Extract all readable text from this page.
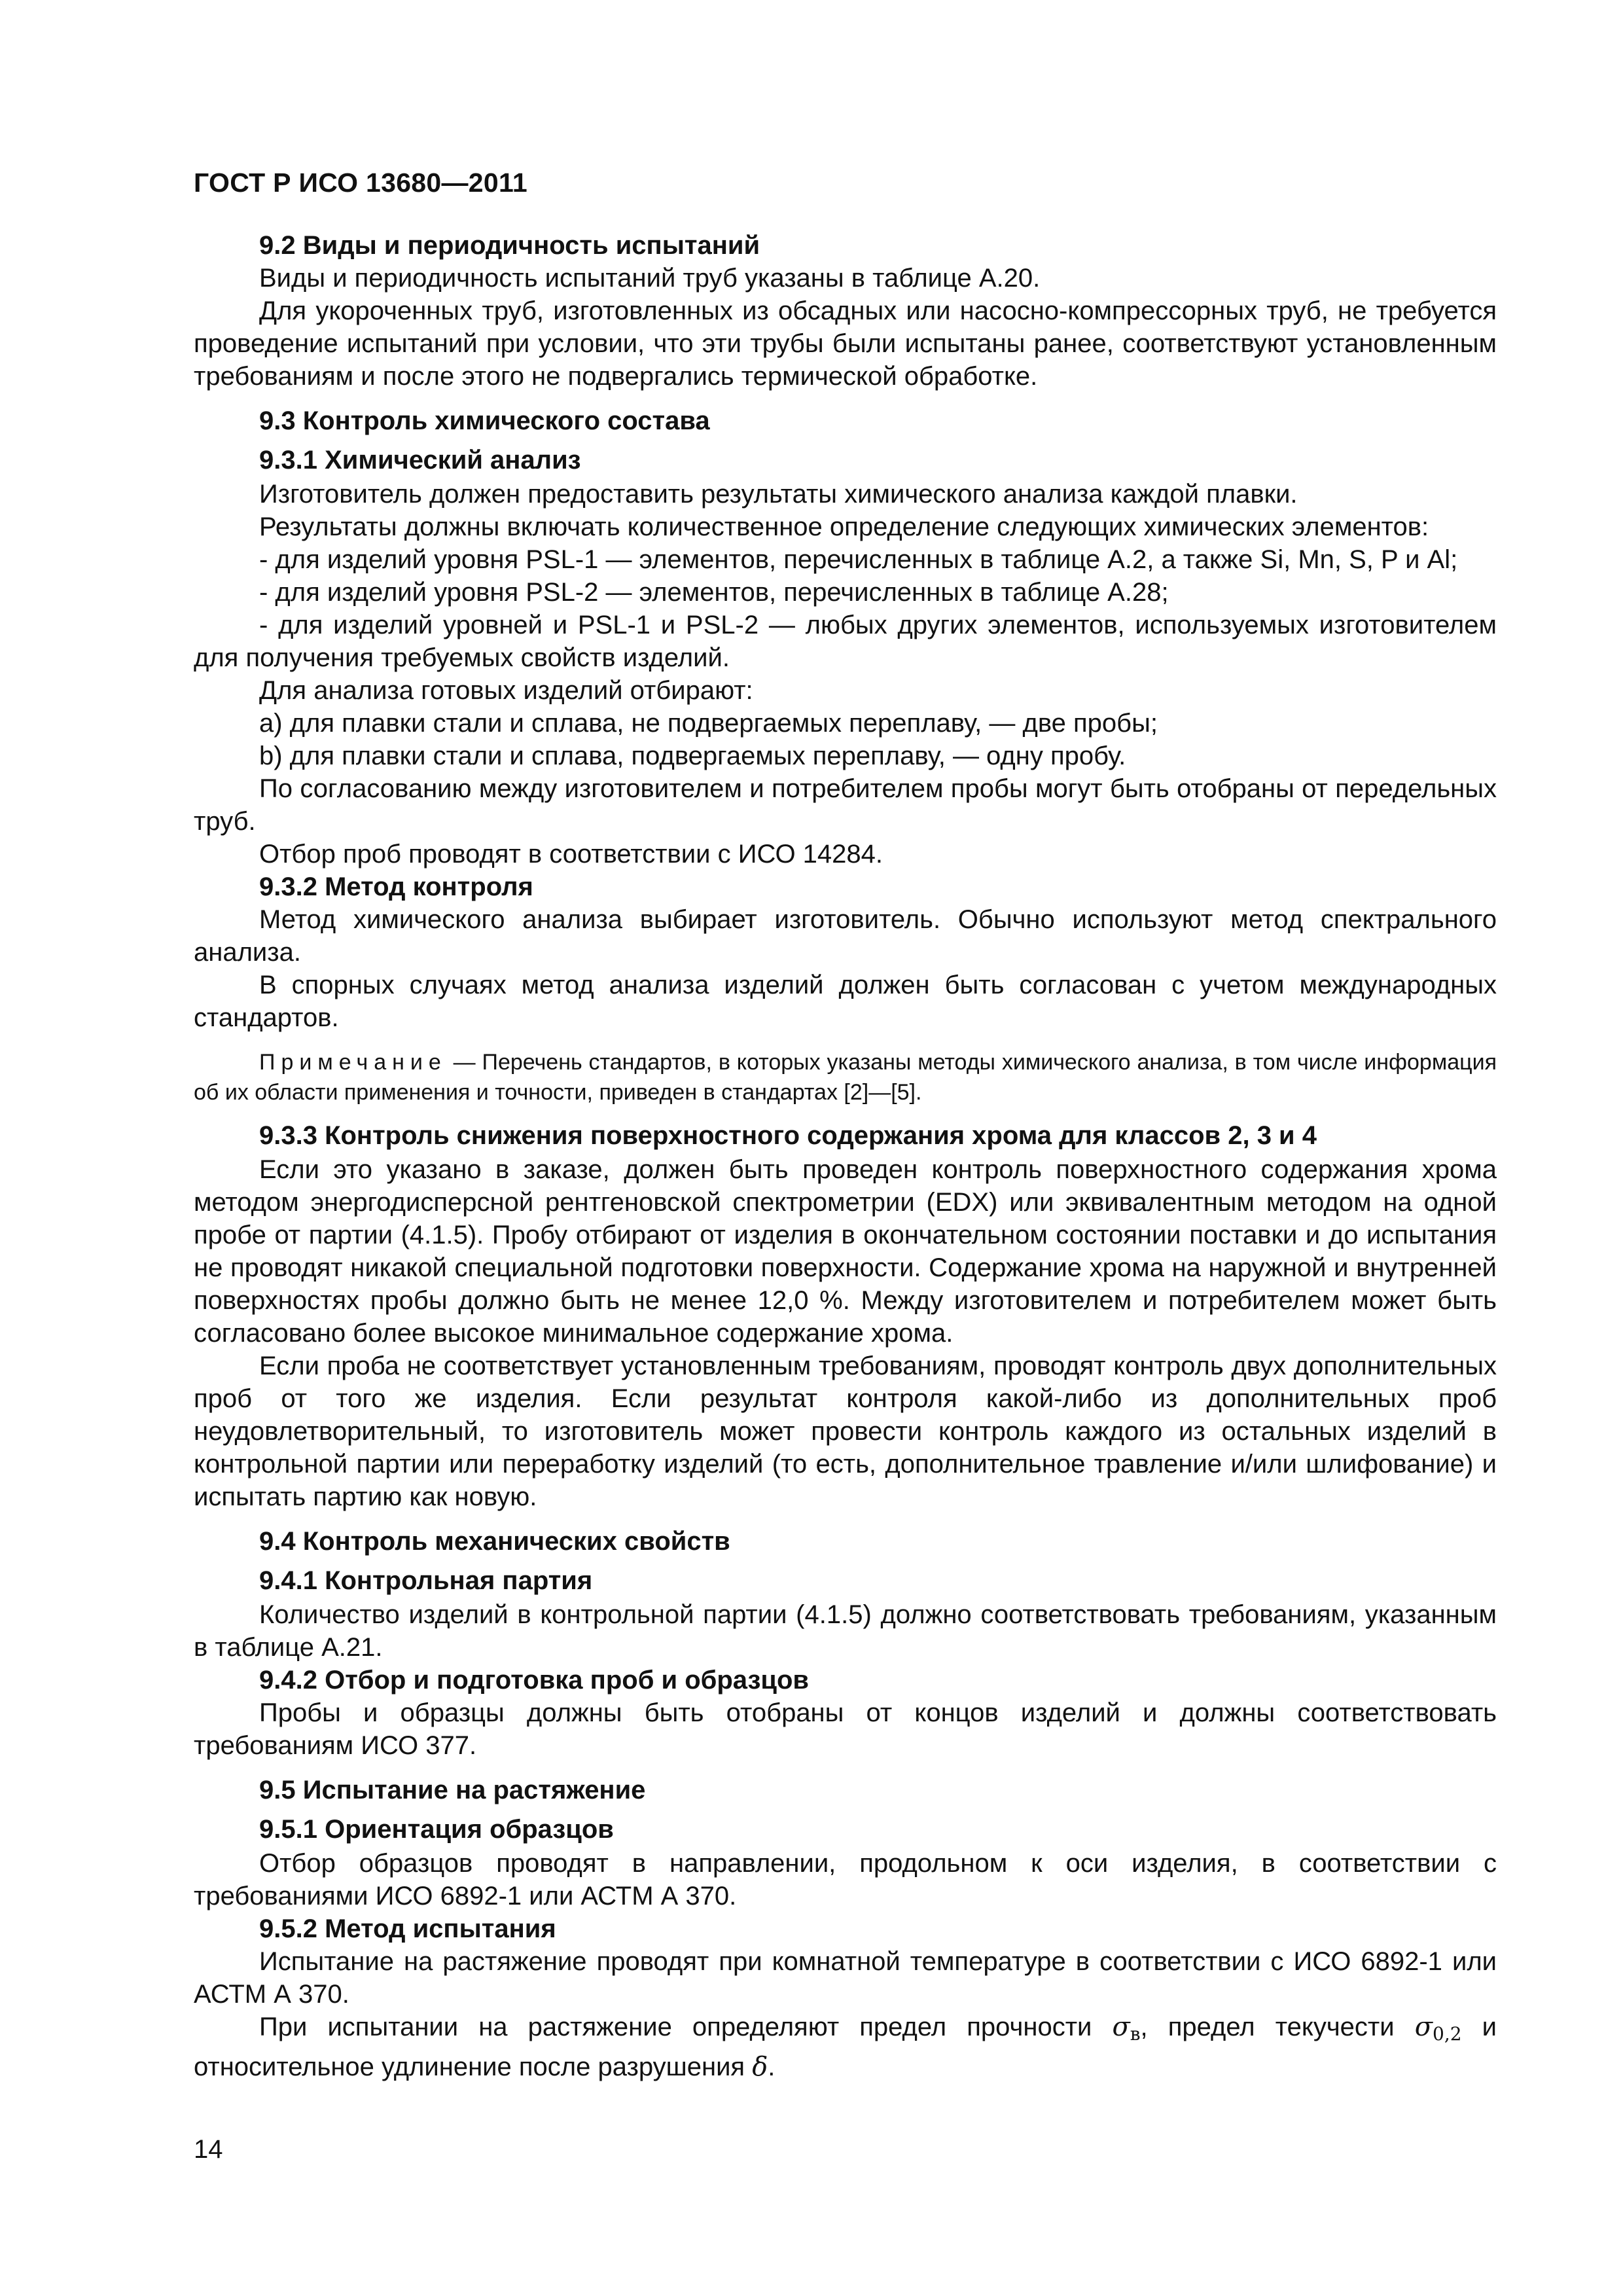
ГОСТ Р ИСО 13680—2011

9.2 Виды и периодичность испытаний

Виды и периодичность испытаний труб указаны в таблице А.20.

Для укороченных труб, изготовленных из обсадных или насосно-компрессорных труб, не требуется проведение испытаний при условии, что эти трубы были испытаны ранее, соответствуют установленным требованиям и после этого не подвергались термической обработке.

9.3 Контроль химического состава

9.3.1 Химический анализ

Изготовитель должен предоставить результаты химического анализа каждой плавки.

Результаты должны включать количественное определение следующих химических элементов:

- для изделий уровня PSL-1 — элементов, перечисленных в таблице А.2, а также Si, Mn, S, P и Al;

- для изделий уровня PSL-2 — элементов, перечисленных в таблице А.28;

- для изделий уровней и PSL-1 и PSL-2 — любых других элементов, используемых изготовителем для получения требуемых свойств изделий.

Для анализа готовых изделий отбирают:

a) для плавки стали и сплава, не подвергаемых переплаву, — две пробы;

b) для плавки стали и сплава, подвергаемых переплаву, — одну пробу.

По согласованию между изготовителем и потребителем пробы могут быть отобраны от передельных труб.

Отбор проб проводят в соответствии с ИСО 14284.

9.3.2 Метод контроля

Метод химического анализа выбирает изготовитель. Обычно используют метод спектрального анализа.

В спорных случаях метод анализа изделий должен быть согласован с учетом международных стандартов.

Примечание — Перечень стандартов, в которых указаны методы химического анализа, в том числе информация об их области применения и точности, приведен в стандартах [2]—[5].

9.3.3 Контроль снижения поверхностного содержания хрома для классов 2, 3 и 4

Если это указано в заказе, должен быть проведен контроль поверхностного содержания хрома методом энергодисперсной рентгеновской спектрометрии (EDX) или эквивалентным методом на одной пробе от партии (4.1.5). Пробу отбирают от изделия в окончательном состоянии поставки и до испытания не проводят никакой специальной подготовки поверхности. Содержание хрома на наружной и внутренней поверхностях пробы должно быть не менее 12,0 %. Между изготовителем и потребителем может быть согласовано более высокое минимальное содержание хрома.

Если проба не соответствует установленным требованиям, проводят контроль двух дополнительных проб от того же изделия. Если результат контроля какой-либо из дополнительных проб неудовлетворительный, то изготовитель может провести контроль каждого из остальных изделий в контрольной партии или переработку изделий (то есть, дополнительное травление и/или шлифование) и испытать партию как новую.

9.4 Контроль механических свойств

9.4.1 Контрольная партия

Количество изделий в контрольной партии (4.1.5) должно соответствовать требованиям, указанным в таблице А.21.

9.4.2 Отбор и подготовка проб и образцов

Пробы и образцы должны быть отобраны от концов изделий и должны соответствовать требованиям ИСО 377.

9.5 Испытание на растяжение

9.5.1 Ориентация образцов

Отбор образцов проводят в направлении, продольном к оси изделия, в соответствии с требованиями ИСО 6892-1 или АСТМ А 370.

9.5.2 Метод испытания

Испытание на растяжение проводят при комнатной температуре в соответствии с ИСО 6892-1 или АСТМ А 370.

При испытании на растяжение определяют предел прочности $\sigma_в$, предел текучести $\sigma_{0,2}$ и относительное удлинение после разрушения δ.

14
